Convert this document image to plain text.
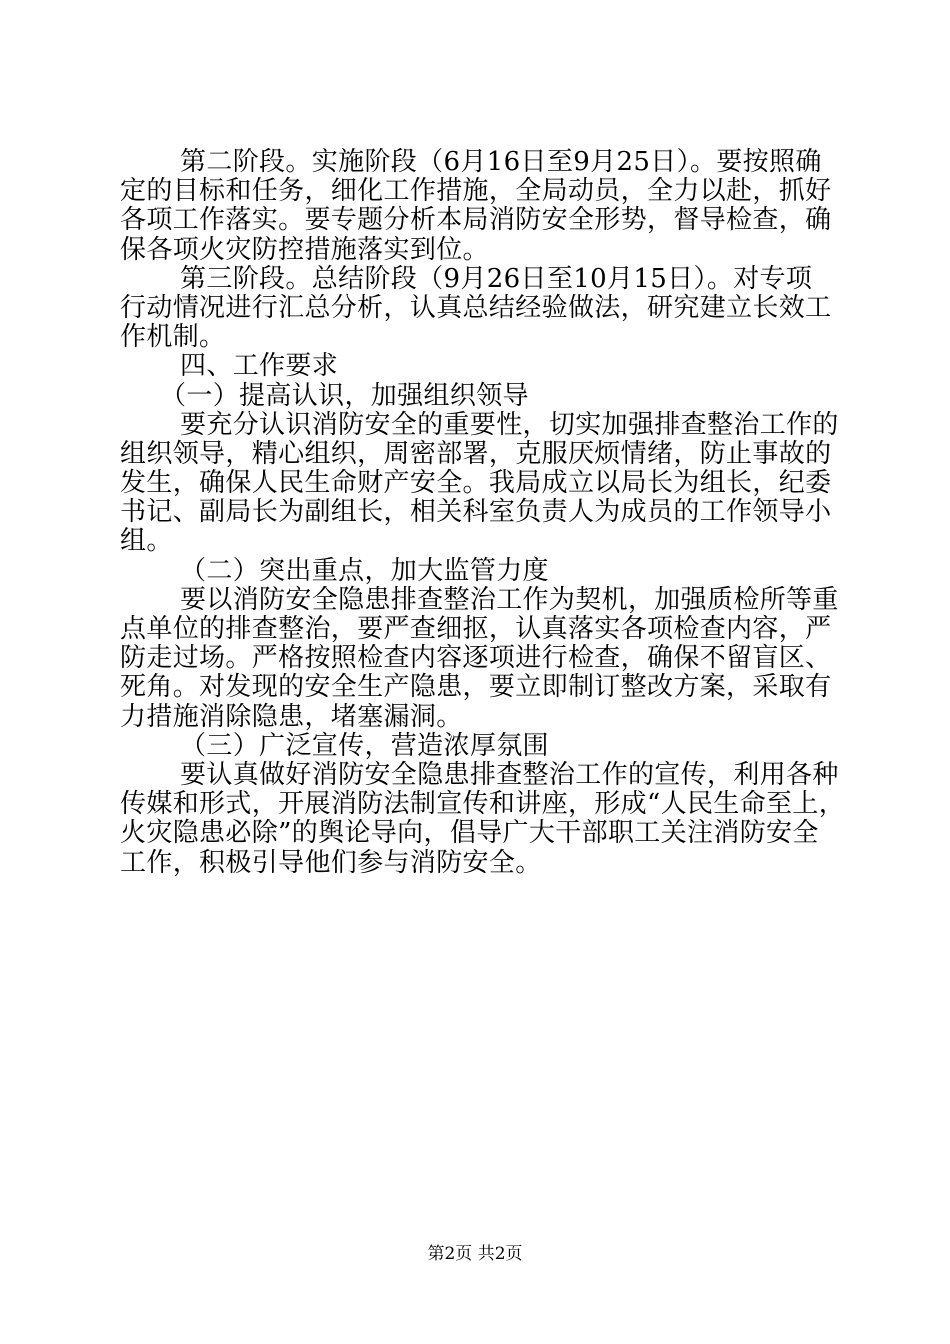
第二阶段。实施阶段（6月16日至9月25日）。要按照确
定的目标和任务，细化工作措施，全局动员，全力以赴，抓好
各项工作落实。要专题分析本局消防安全形势，督导检查，确
保各项火灾防控措施落实到位。
第三阶段。总结阶段（9月26日至10月15日）。对专项
行动情况进行汇总分析，认真总结经验做法，研究建立长效工
作机制。
四、工作要求
（一）提高认识，加强组织领导
要充分认识消防安全的重要性，切实加强排查整治工作的
组织领导，精心组织，周密部署，克服厌烦情绪，防止事故的
发生，确保人民生命财产安全。我局成立以局长为组长，纪委
书记、副局长为副组长，相关科室负责人为成员的工作领导小
组。
（二）突出重点，加大监管力度
要以消防安全隐患排查整治工作为契机，加强质检所等重
点单位的排查整治，要严查细抠，认真落实各项检查内容，严
防走过场。严格按照检查内容逐项进行检查，确保不留盲区、
死角。对发现的安全生产隐患，要立即制订整改方案，采取有
力措施消除隐患，堵塞漏洞。
（三）广泛宣传，营造浓厚氛围
要认真做好消防安全隐患排查整治工作的宣传，利用各种
传媒和形式，开展消防法制宣传和讲座，形成“人民生命至上，
火灾隐患必除”的舆论导向，倡导广大干部职工关注消防安全
工作，积极引导他们参与消防安全。
第2页 共2页
